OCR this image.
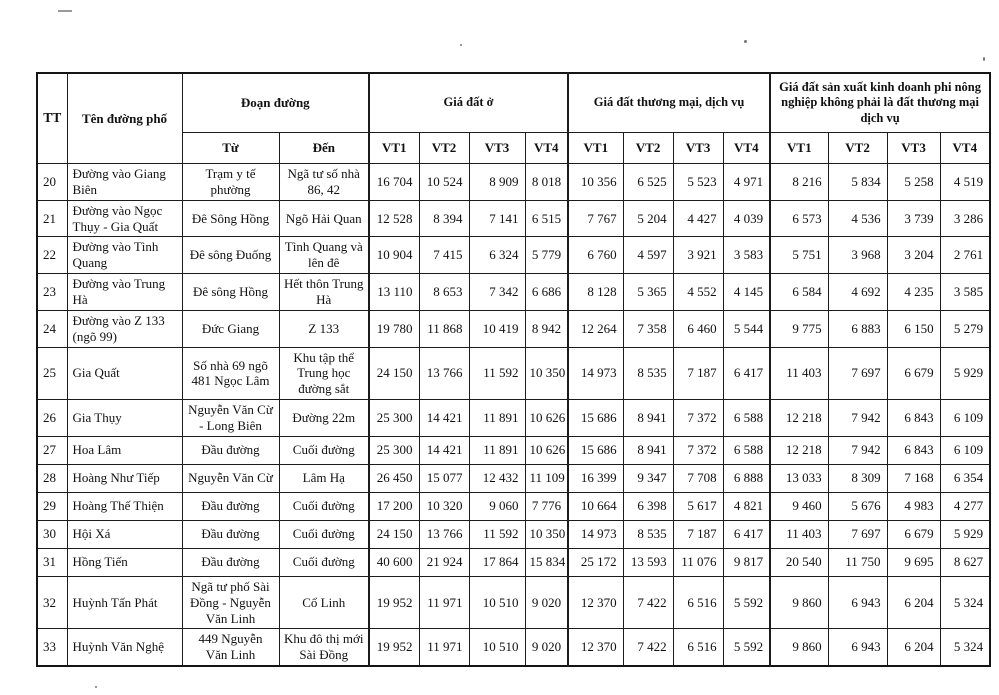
TT	Tên đường phố	Đoạn đường		Giá đất ở				Giá đất thương mại, dịch vụ				Giá đất sản xuất kinh doanh phi nông nghiệp không phải là đất thương mại dịch vụ			
		Từ	Đến	VT1	VT2	VT3	VT4	VT1	VT2	VT3	VT4	VT1	VT2	VT3	VT4
20	Đường vào Giang Biên	Trạm y tế phường	Ngã tư số nhà 86, 42	16 704	10 524	8 909	8 018	10 356	6 525	5 523	4 971	8 216	5 834	5 258	4 519
21	Đường vào Ngọc Thụy - Gia Quất	Đê Sông Hồng	Ngõ Hải Quan	12 528	8 394	7 141	6 515	7 767	5 204	4 427	4 039	6 573	4 536	3 739	3 286
22	Đường vào Tình Quang	Đê sông Đuống	Tình Quang và lên đê	10 904	7 415	6 324	5 779	6 760	4 597	3 921	3 583	5 751	3 968	3 204	2 761
23	Đường vào Trung Hà	Đê sông Hồng	Hết thôn Trung Hà	13 110	8 653	7 342	6 686	8 128	5 365	4 552	4 145	6 584	4 692	4 235	3 585
24	Đường vào Z 133 (ngõ 99)	Đức Giang	Z 133	19 780	11 868	10 419	8 942	12 264	7 358	6 460	5 544	9 775	6 883	6 150	5 279
25	Gia Quất	Số nhà 69 ngõ 481 Ngọc Lâm	Khu tập thể Trung học đường sắt	24 150	13 766	11 592	10 350	14 973	8 535	7 187	6 417	11 403	7 697	6 679	5 929
26	Gia Thụy	Nguyễn Văn Cừ - Long Biên	Đường 22m	25 300	14 421	11 891	10 626	15 686	8 941	7 372	6 588	12 218	7 942	6 843	6 109
27	Hoa Lâm	Đầu đường	Cuối đường	25 300	14 421	11 891	10 626	15 686	8 941	7 372	6 588	12 218	7 942	6 843	6 109
28	Hoàng Như Tiếp	Nguyễn Văn Cừ	Lâm Hạ	26 450	15 077	12 432	11 109	16 399	9 347	7 708	6 888	13 033	8 309	7 168	6 354
29	Hoàng Thế Thiện	Đầu đường	Cuối đường	17 200	10 320	9 060	7 776	10 664	6 398	5 617	4 821	9 460	5 676	4 983	4 277
30	Hội Xá	Đầu đường	Cuối đường	24 150	13 766	11 592	10 350	14 973	8 535	7 187	6 417	11 403	7 697	6 679	5 929
31	Hồng Tiến	Đầu đường	Cuối đường	40 600	21 924	17 864	15 834	25 172	13 593	11 076	9 817	20 540	11 750	9 695	8 627
32	Huỳnh Tấn Phát	Ngã tư phố Sài Đồng - Nguyễn Văn Linh	Cổ Linh	19 952	11 971	10 510	9 020	12 370	7 422	6 516	5 592	9 860	6 943	6 204	5 324
33	Huỳnh Văn Nghệ	449 Nguyễn Văn Linh	Khu đô thị mới Sài Đồng	19 952	11 971	10 510	9 020	12 370	7 422	6 516	5 592	9 860	6 943	6 204	5 324
